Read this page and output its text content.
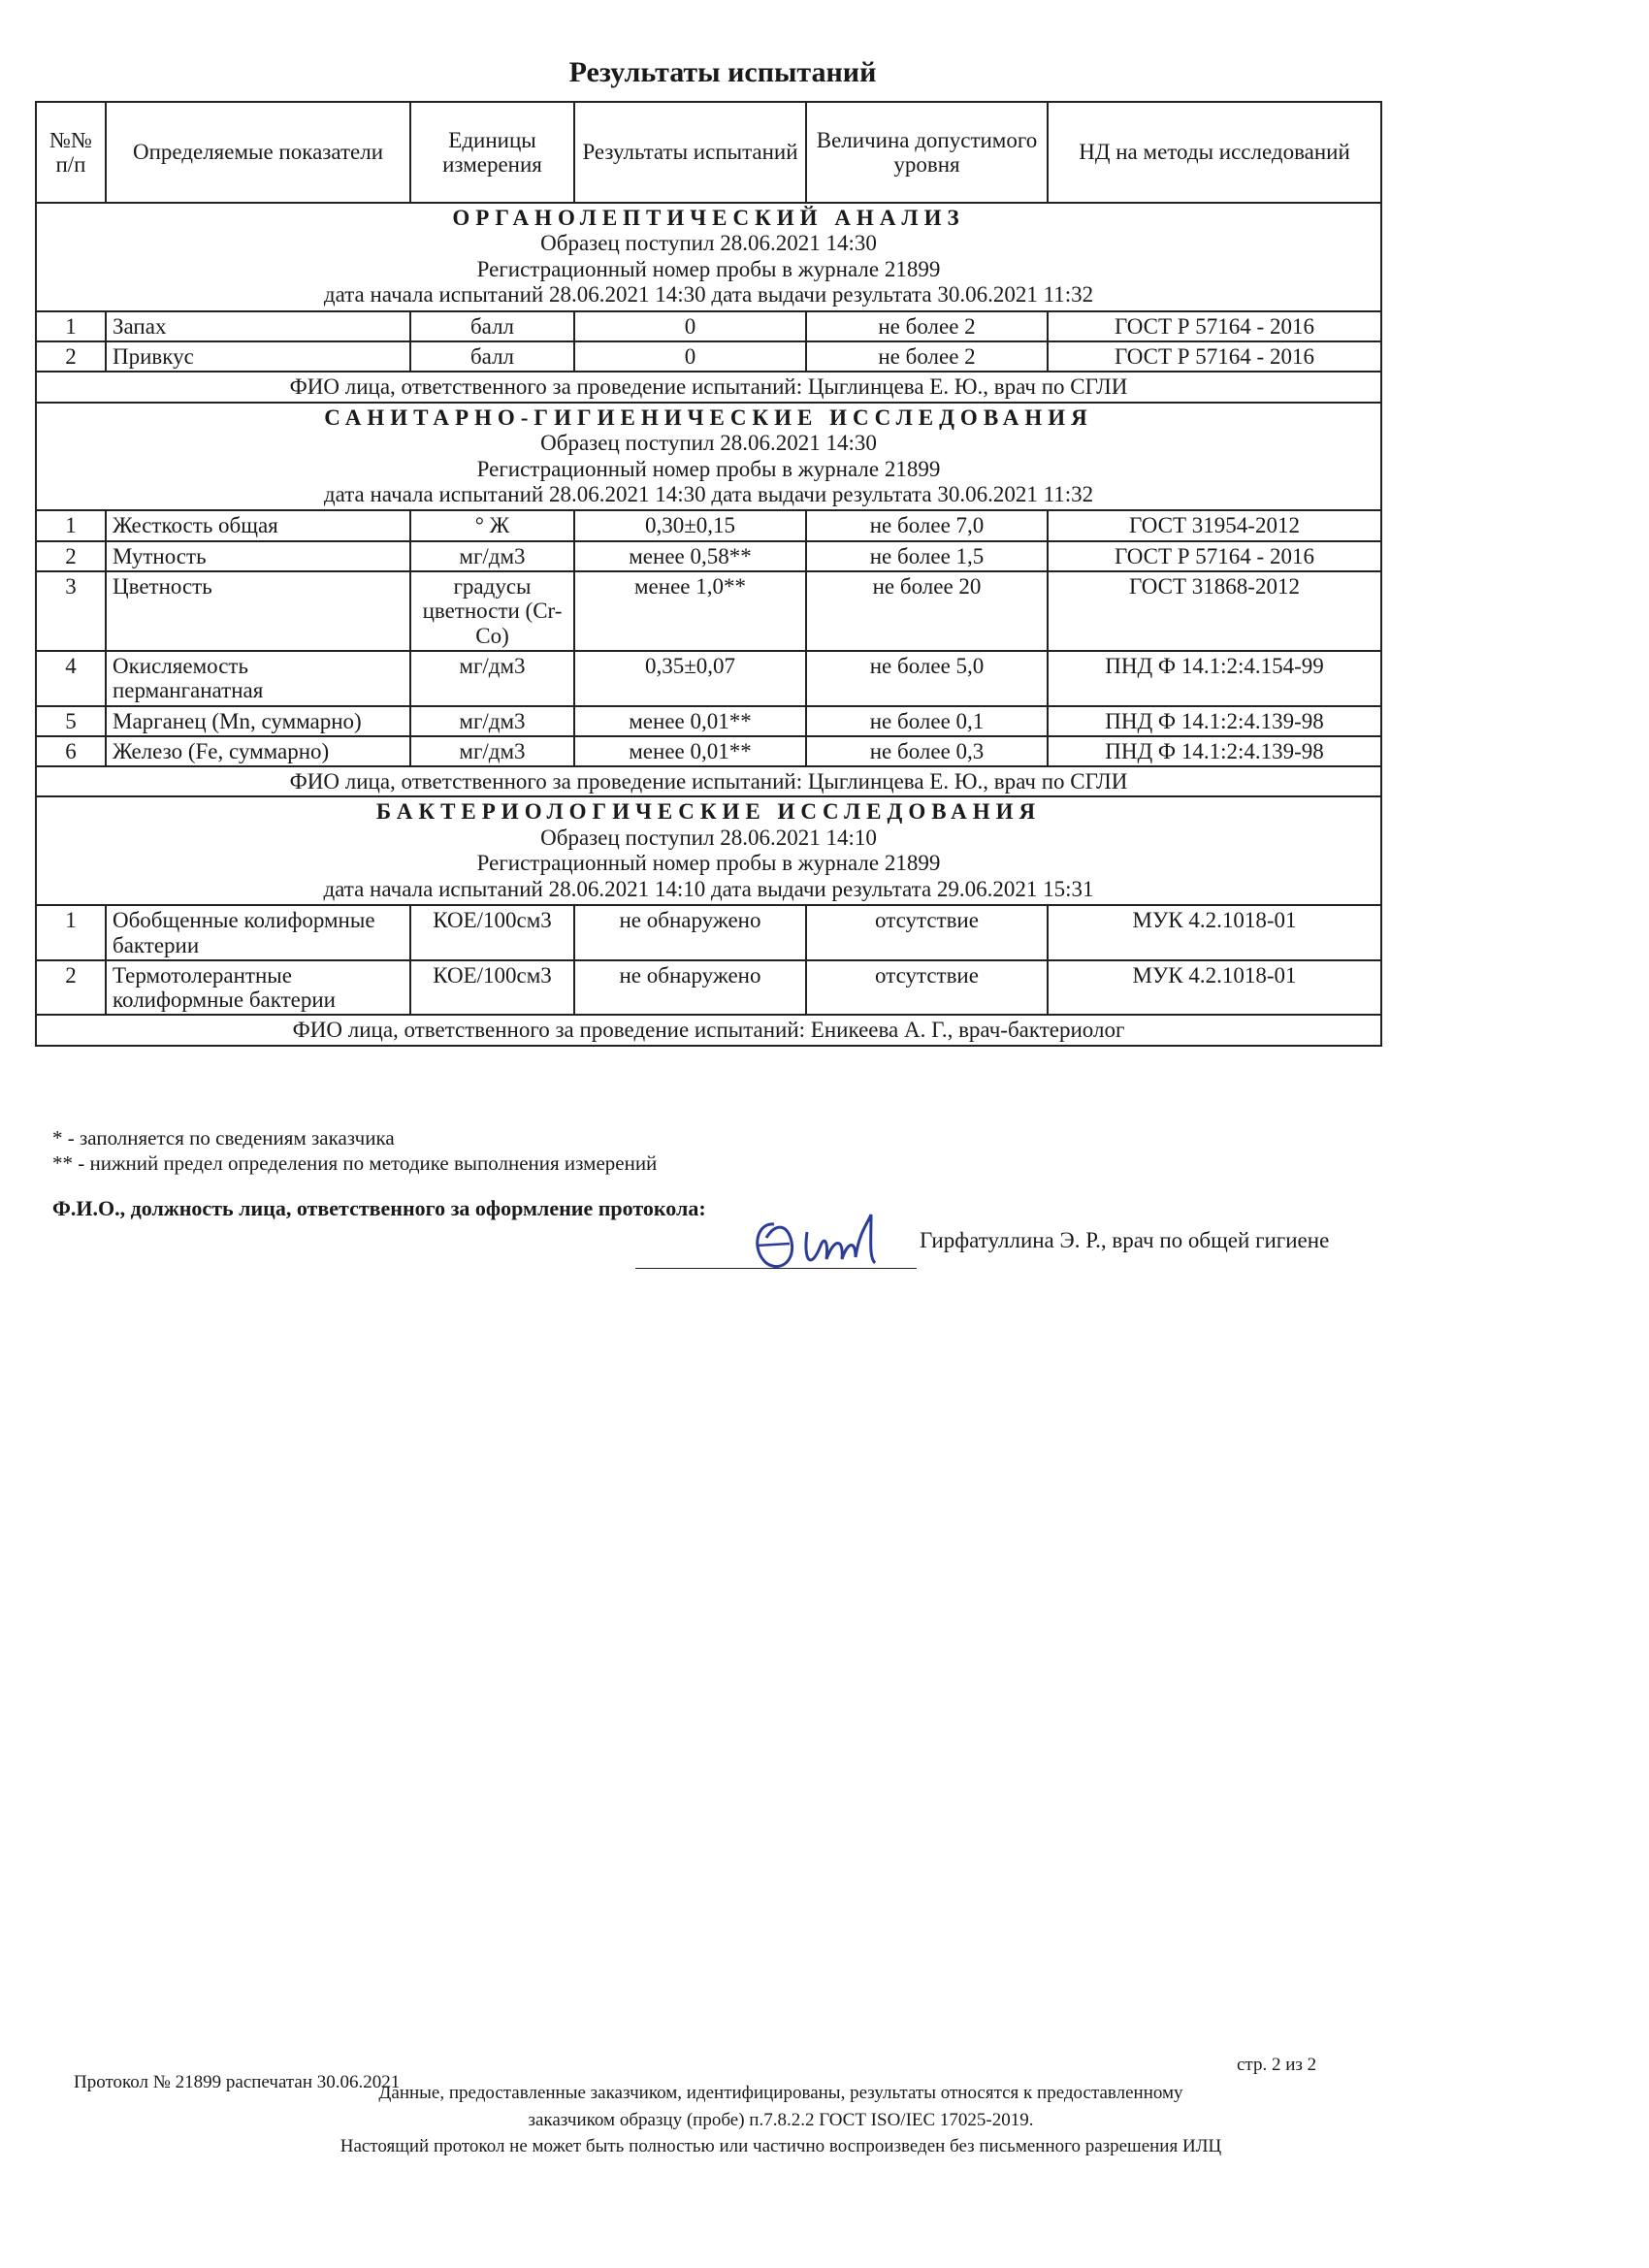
Результаты испытаний
№№ п/п	Определяемые показатели	Единицы измерения	Результаты испытаний	Величина допустимого уровня	НД на методы исследований

ОРГАНОЛЕПТИЧЕСКИЙ АНАЛИЗ
Образец поступил 28.06.2021 14:30
Регистрационный номер пробы в журнале 21899
дата начала испытаний 28.06.2021 14:30 дата выдачи результата 30.06.2021 11:32					

1	Запах	балл	0	не более 2	ГОСТ Р 57164 - 2016
2	Привкус	балл	0	не более 2	ГОСТ Р 57164 - 2016
ФИО лица, ответственного за проведение испытаний: Цыглинцева Е. Ю., врач по СГЛИ					

САНИТАРНО-ГИГИЕНИЧЕСКИЕ ИССЛЕДОВАНИЯ
Образец поступил 28.06.2021 14:30
Регистрационный номер пробы в журнале 21899
дата начала испытаний 28.06.2021 14:30 дата выдачи результата 30.06.2021 11:32					

1	Жесткость общая	° Ж	0,30±0,15	не более 7,0	ГОСТ 31954-2012
2	Мутность	мг/дм3	менее 0,58**	не более 1,5	ГОСТ Р 57164 - 2016
3	Цветность	градусы цветности (Cr-Co)	менее 1,0**	не более 20	ГОСТ 31868-2012
4	Окисляемость перманганатная	мг/дм3	0,35±0,07	не более 5,0	ПНД Ф 14.1:2:4.154-99
5	Марганец (Mn, суммарно)	мг/дм3	менее 0,01**	не более 0,1	ПНД Ф 14.1:2:4.139-98
6	Железо (Fe, суммарно)	мг/дм3	менее 0,01**	не более 0,3	ПНД Ф 14.1:2:4.139-98
ФИО лица, ответственного за проведение испытаний: Цыглинцева Е. Ю., врач по СГЛИ					

БАКТЕРИОЛОГИЧЕСКИЕ ИССЛЕДОВАНИЯ
Образец поступил 28.06.2021 14:10
Регистрационный номер пробы в журнале 21899
дата начала испытаний 28.06.2021 14:10 дата выдачи результата 29.06.2021 15:31					

1	Обобщенные колиформные бактерии	КОЕ/100см3	не обнаружено	отсутствие	МУК 4.2.1018-01
2	Термотолерантные колиформные бактерии	КОЕ/100см3	не обнаружено	отсутствие	МУК 4.2.1018-01
ФИО лица, ответственного за проведение испытаний: Еникеева А. Г., врач-бактериолог					
* - заполняется по сведениям заказчика
** - нижний предел определения по методике выполнения измерений
Ф.И.О., должность лица, ответственного за оформление протокола:
Гирфатуллина Э. Р., врач по общей гигиене
Протокол № 21899 распечатан 30.06.2021
стр. 2 из 2
Данные, предоставленные заказчиком, идентифицированы, результаты относятся к предоставленному
заказчиком образцу (пробе) п.7.8.2.2 ГОСТ ISO/IEC 17025-2019.
Настоящий протокол не может быть полностью или частично воспроизведен без письменного разрешения ИЛЦ
